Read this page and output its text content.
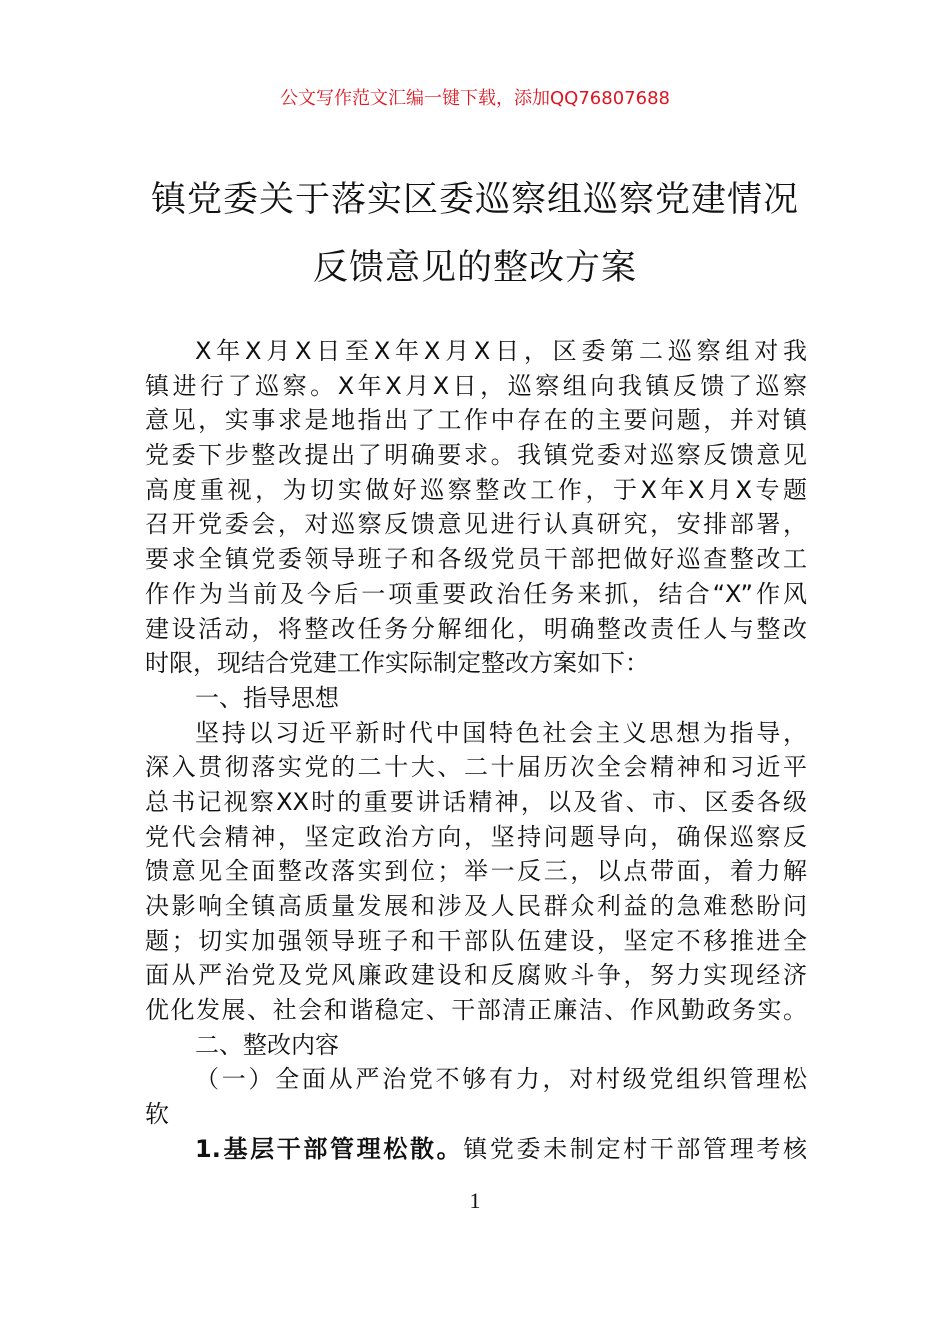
公文写作范文汇编一键下载，添加QQ76807688
镇党委关于落实区委巡察组巡察党建情况
反馈意见的整改方案
X年X月X日至X年X月X日，区委第二巡察组对我
镇进行了巡察。X年X月X日，巡察组向我镇反馈了巡察
意见，实事求是地指出了工作中存在的主要问题，并对镇
党委下步整改提出了明确要求。我镇党委对巡察反馈意见
高度重视，为切实做好巡察整改工作，于X年X月X专题
召开党委会，对巡察反馈意见进行认真研究，安排部署，
要求全镇党委领导班子和各级党员干部把做好巡查整改工
作作为当前及今后一项重要政治任务来抓，结合“X”作风
建设活动，将整改任务分解细化，明确整改责任人与整改
时限，现结合党建工作实际制定整改方案如下：
一、指导思想
坚持以习近平新时代中国特色社会主义思想为指导，
深入贯彻落实党的二十大、二十届历次全会精神和习近平
总书记视察XX时的重要讲话精神，以及省、市、区委各级
党代会精神，坚定政治方向，坚持问题导向，确保巡察反
馈意见全面整改落实到位；举一反三，以点带面，着力解
决影响全镇高质量发展和涉及人民群众利益的急难愁盼问
题；切实加强领导班子和干部队伍建设，坚定不移推进全
面从严治党及党风廉政建设和反腐败斗争，努力实现经济
优化发展、社会和谐稳定、干部清正廉洁、作风勤政务实。
二、整改内容
（一）全面从严治党不够有力，对村级党组织管理松
软
1.基层干部管理松散。镇党委未制定村干部管理考核
1
